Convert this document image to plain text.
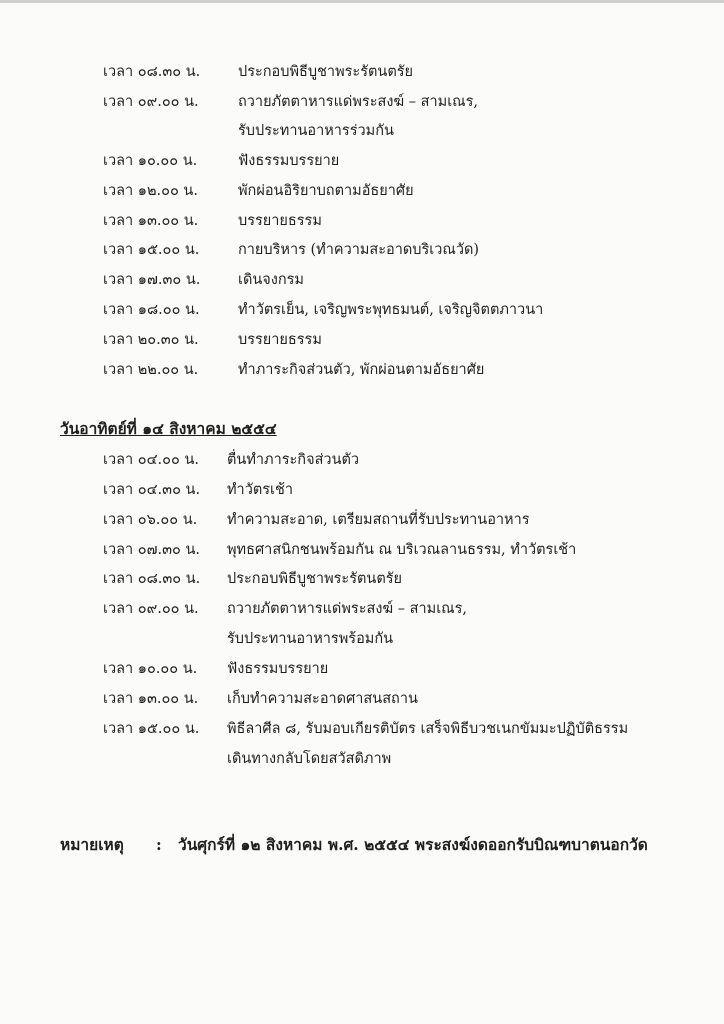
เวลา ๐๘.๓๐ น.	ประกอบพิธีบูชาพระรัตนตรัย
เวลา ๐๙.๐๐ น.	ถวายภัตตาหารแด่พระสงฆ์ – สามเณร,
รับประทานอาหารร่วมกัน
เวลา ๑๐.๐๐ น.	ฟังธรรมบรรยาย
เวลา ๑๒.๐๐ น.	พักผ่อนอิริยาบถตามอัธยาศัย
เวลา ๑๓.๐๐ น.	บรรยายธรรม
เวลา ๑๕.๐๐ น.	กายบริหาร (ทำความสะอาดบริเวณวัด)
เวลา ๑๗.๓๐ น.	เดินจงกรม
เวลา ๑๘.๐๐ น.	ทำวัตรเย็น, เจริญพระพุทธมนต์, เจริญจิตตภาวนา
เวลา ๒๐.๓๐ น.	บรรยายธรรม
เวลา ๒๒.๐๐ น.	ทำภาระกิจส่วนตัว, พักผ่อนตามอัธยาศัย
วันอาทิตย์ที่ ๑๔ สิงหาคม ๒๕๕๔
เวลา ๐๔.๐๐ น.	ตื่นทำภาระกิจส่วนตัว
เวลา ๐๔.๓๐ น.	ทำวัตรเช้า
เวลา ๐๖.๐๐ น.	ทำความสะอาด, เตรียมสถานที่รับประทานอาหาร
เวลา ๐๗.๓๐ น.	พุทธศาสนิกชนพร้อมกัน ณ บริเวณลานธรรม, ทำวัตรเช้า
เวลา ๐๘.๓๐ น.	ประกอบพิธีบูชาพระรัตนตรัย
เวลา ๐๙.๐๐ น.	ถวายภัตตาหารแด่พระสงฆ์ – สามเณร,
รับประทานอาหารพร้อมกัน
เวลา ๑๐.๐๐ น.	ฟังธรรมบรรยาย
เวลา ๑๓.๐๐ น.	เก็บทำความสะอาดศาสนสถาน
เวลา ๑๕.๐๐ น.	พิธีลาศีล ๘, รับมอบเกียรติบัตร เสร็จพิธีบวชเนกขัมมะปฏิบัติธรรม
เดินทางกลับโดยสวัสดิภาพ
หมายเหตุ : วันศุกร์ที่ ๑๒ สิงหาคม พ.ศ. ๒๕๕๔ พระสงฆ์งดออกรับบิณฑบาตนอกวัด
